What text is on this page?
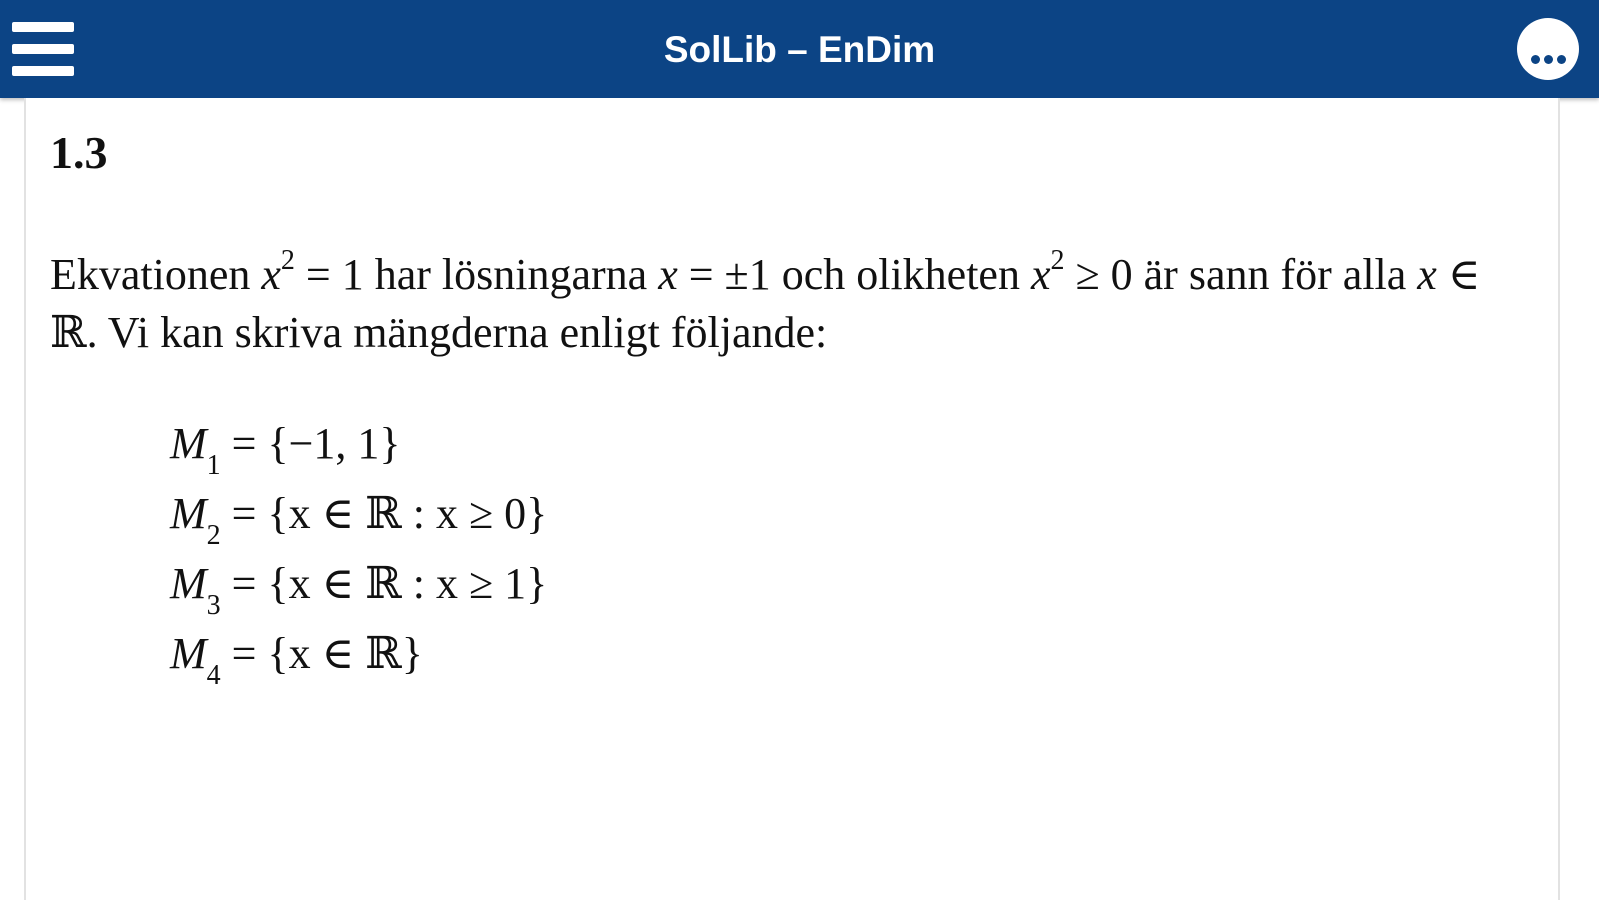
SolLib – EnDim
1.3
Ekvationen $x^2 = 1$ har lösningarna x = ±1 och olikheten $x^2 \ge 0$ är sann för alla x ∈ ℝ. Vi kan skriva mängderna enligt följande:
$M_1 = \{-1$, 1}
$M_2 = \{x$ ∈ ℝ : x ≥ 0}
$M_3 = \{x$ ∈ ℝ : x ≥ 1}
$M_4 = \{x$ ∈ ℝ}
